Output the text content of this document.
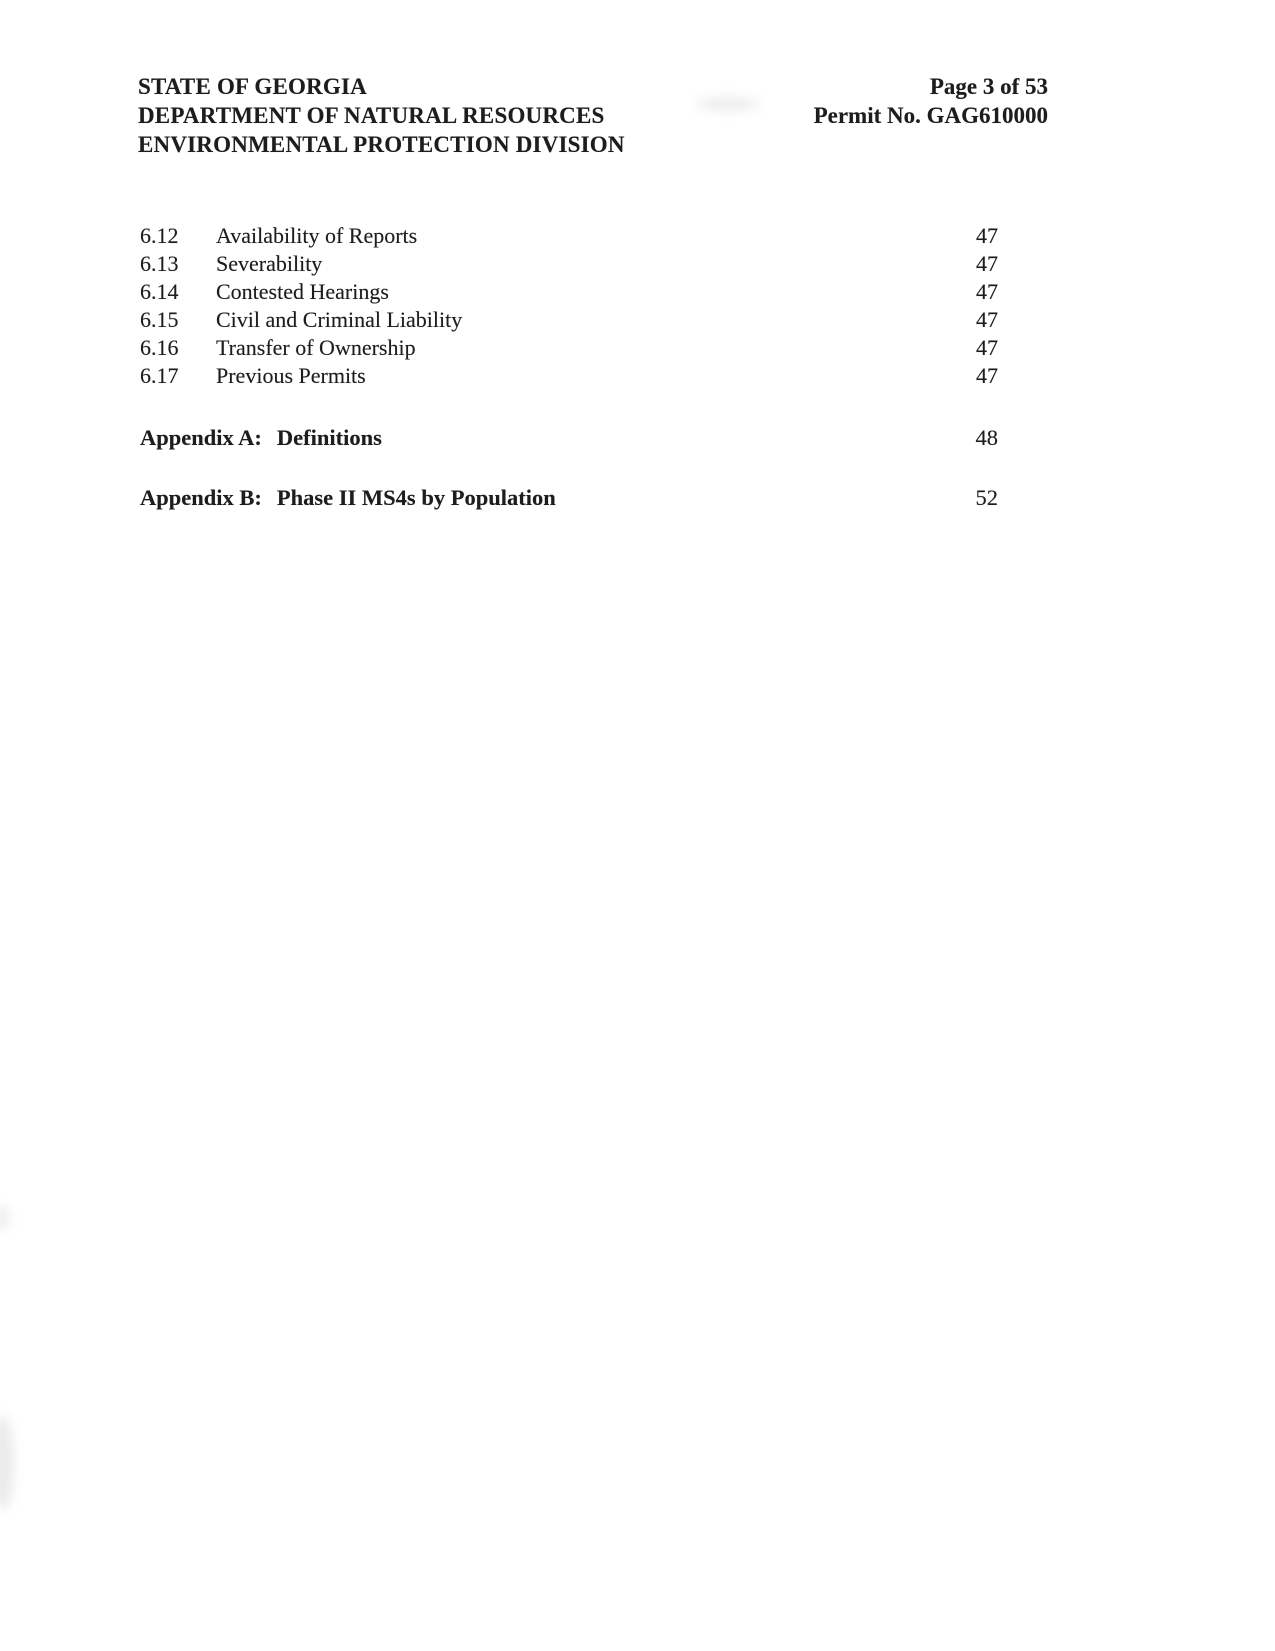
STATE OF GEORGIA
DEPARTMENT OF NATURAL RESOURCES
ENVIRONMENTAL PROTECTION DIVISION
Page 3 of 53
Permit No. GAG610000
6.12	Availability of Reports	47
6.13	Severability	47
6.14	Contested Hearings	47
6.15	Civil and Criminal Liability	47
6.16	Transfer of Ownership	47
6.17	Previous Permits	47
Appendix A: Definitions	48
Appendix B: Phase II MS4s by Population	52
